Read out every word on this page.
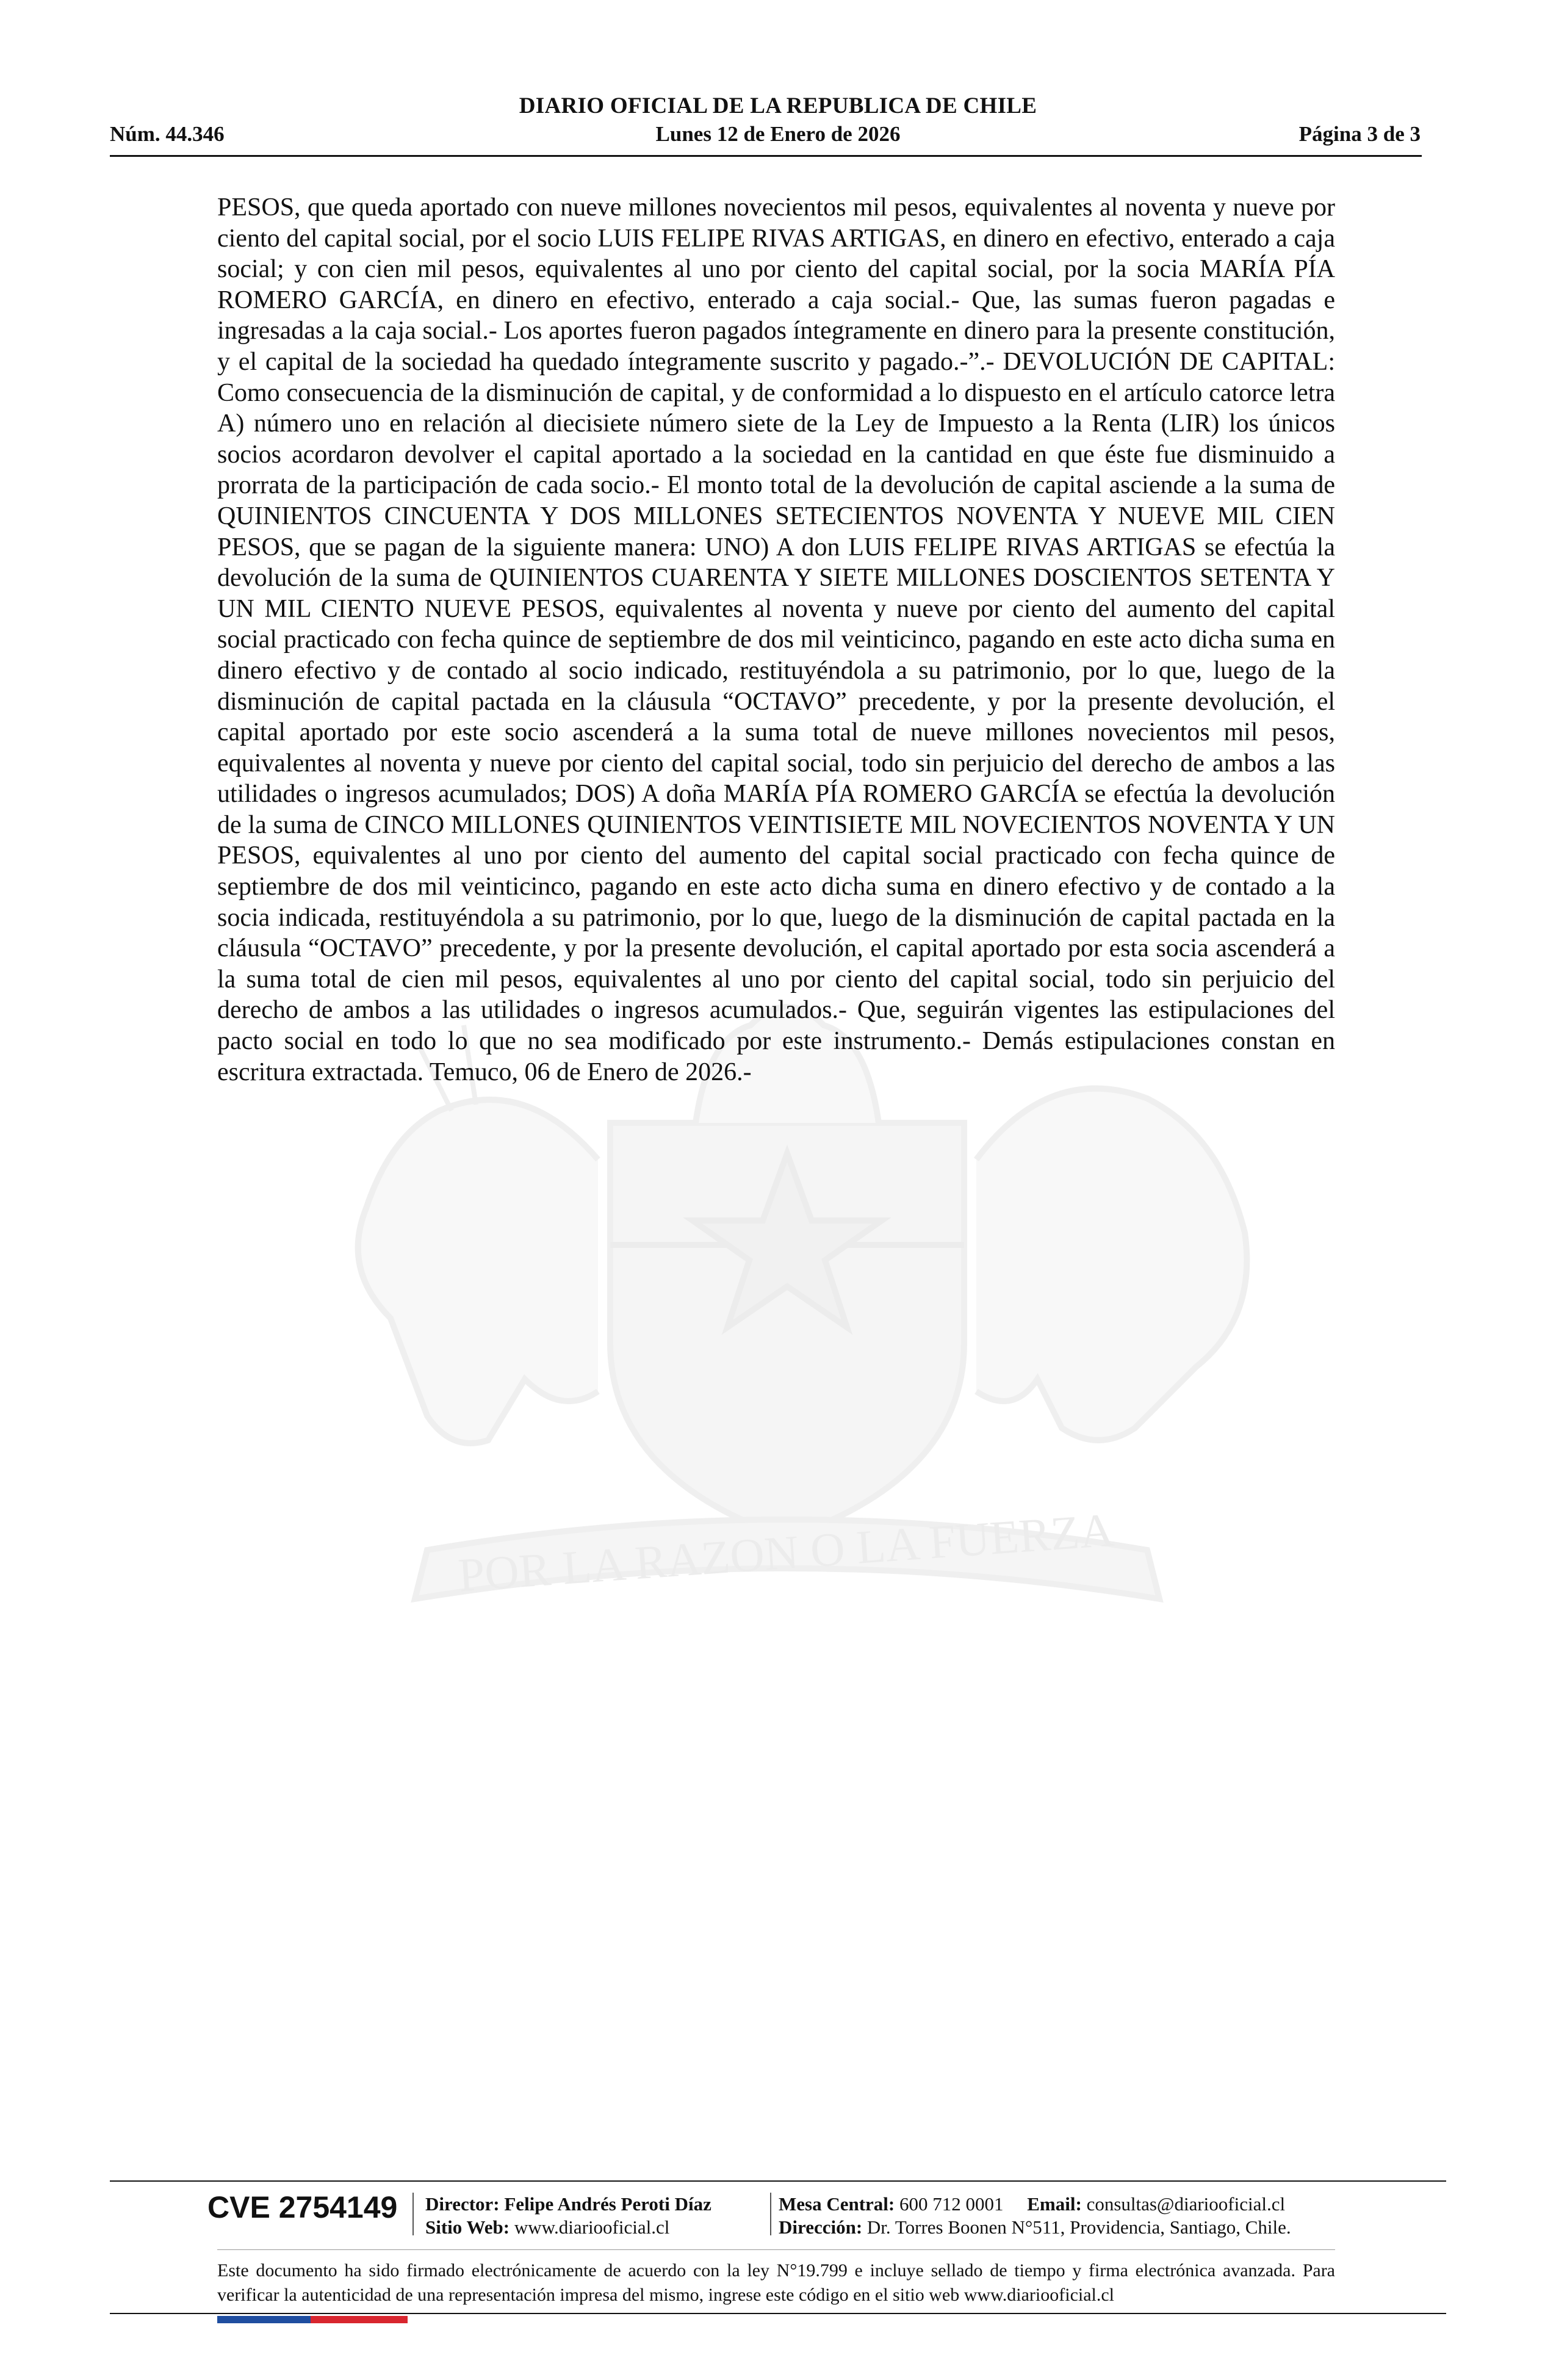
DIARIO OFICIAL DE LA REPUBLICA DE CHILE
Núm. 44.346	Lunes 12 de Enero de 2026	Página 3 de 3
POR LA RAZON O LA FUERZA
PESOS, que queda aportado con nueve millones novecientos mil pesos, equivalentes al noventa y nueve por ciento del capital social, por el socio LUIS FELIPE RIVAS ARTIGAS, en dinero en efectivo, enterado a caja social; y con cien mil pesos, equivalentes al uno por ciento del capital social, por la socia MARÍA PÍA ROMERO GARCÍA, en dinero en efectivo, enterado a caja social.- Que, las sumas fueron pagadas e ingresadas a la caja social.- Los aportes fueron pagados íntegramente en dinero para la presente constitución, y el capital de la sociedad ha quedado íntegramente suscrito y pagado.-”.- DEVOLUCIÓN DE CAPITAL: Como consecuencia de la disminución de capital, y de conformidad a lo dispuesto en el artículo catorce letra A) número uno en relación al diecisiete número siete de la Ley de Impuesto a la Renta (LIR) los únicos socios acordaron devolver el capital aportado a la sociedad en la cantidad en que éste fue disminuido a prorrata de la participación de cada socio.- El monto total de la devolución de capital asciende a la suma de QUINIENTOS CINCUENTA Y DOS MILLONES SETECIENTOS NOVENTA Y NUEVE MIL CIEN PESOS, que se pagan de la siguiente manera: UNO) A don LUIS FELIPE RIVAS ARTIGAS se efectúa la devolución de la suma de QUINIENTOS CUARENTA Y SIETE MILLONES DOSCIENTOS SETENTA Y UN MIL CIENTO NUEVE PESOS, equivalentes al noventa y nueve por ciento del aumento del capital social practicado con fecha quince de septiembre de dos mil veinticinco, pagando en este acto dicha suma en dinero efectivo y de contado al socio indicado, restituyéndola a su patrimonio, por lo que, luego de la disminución de capital pactada en la cláusula “OCTAVO” precedente, y por la presente devolución, el capital aportado por este socio ascenderá a la suma total de nueve millones novecientos mil pesos, equivalentes al noventa y nueve por ciento del capital social, todo sin perjuicio del derecho de ambos a las utilidades o ingresos acumulados; DOS) A doña MARÍA PÍA ROMERO GARCÍA se efectúa la devolución de la suma de CINCO MILLONES QUINIENTOS VEINTISIETE MIL NOVECIENTOS NOVENTA Y UN PESOS, equivalentes al uno por ciento del aumento del capital social practicado con fecha quince de septiembre de dos mil veinticinco, pagando en este acto dicha suma en dinero efectivo y de contado a la socia indicada, restituyéndola a su patrimonio, por lo que, luego de la disminución de capital pactada en la cláusula “OCTAVO” precedente, y por la presente devolución, el capital aportado por esta socia ascenderá a la suma total de cien mil pesos, equivalentes al uno por ciento del capital social, todo sin perjuicio del derecho de ambos a las utilidades o ingresos acumulados.- Que, seguirán vigentes las estipulaciones del pacto social en todo lo que no sea modificado por este instrumento.- Demás estipulaciones constan en escritura extractada. Temuco, 06 de Enero de 2026.-
CVE 2754149 Director: Felipe Andrés Peroti Díaz
Sitio Web: www.diariooficial.cl
Mesa Central: 600 712 0001 Email: consultas@diariooficial.cl
Dirección: Dr. Torres Boonen N°511, Providencia, Santiago, Chile.
Este documento ha sido firmado electrónicamente de acuerdo con la ley N°19.799 e incluye sellado de tiempo y firma electrónica avanzada. Para verificar la autenticidad de una representación impresa del mismo, ingrese este código en el sitio web www.diariooficial.cl
